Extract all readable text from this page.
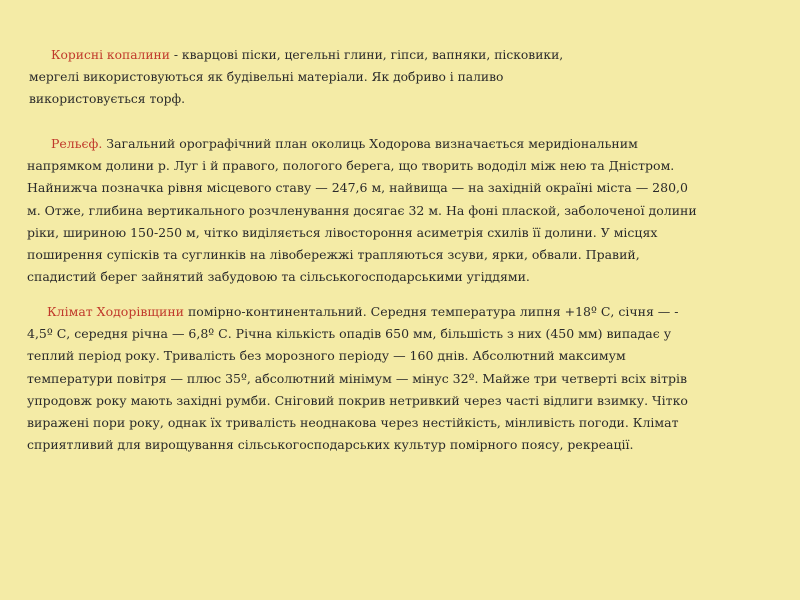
Корисні копалини - кварцові піски, цегельні глини, гіпси, вапняки, пісковики,
мергелі використовуються як будівельні матеріали. Як добриво і паливо
використовується торф.
Рельєф. Загальний орографічний план околиць Ходорова визначається меридіональним
напрямком долини р. Луг і й правого, пологого берега, що творить вододіл між нею та Дністром.
Найнижча позначка рівня місцевого ставу — 247,6 м, найвища — на західній окраїні міста — 280,0
м. Отже, глибина вертикального розчленування досягає 32 м. На фоні плаской, заболоченої долини
ріки, шириною 150-250 м, чітко виділяється лівостороння асиметрія схилів її долини. У місцях
поширення супісків та суглинків на лівобережжі трапляються зсуви, ярки, обвали. Правий,
спадистий берег зайнятий забудовою та сільськогосподарськими угіддями.
Клімат Ходорівщини помірно-континентальний. Середня температура липня +18º С, січня — -
4,5º С, середня річна — 6,8º С. Річна кількість опадів 650 мм, більшість з них (450 мм) випадає у
теплий період року. Тривалість без морозного періоду — 160 днів. Абсолютний максимум
температури повітря — плюс 35º, абсолютний мінімум — мінус 32º. Майже три четверті всіх вітрів
упродовж року мають західні румби. Сніговий покрив нетривкий через часті відлиги взимку. Чітко
виражені пори року, однак їх тривалість неоднакова через нестійкість, мінливість погоди. Клімат
сприятливий для вирощування сільськогосподарських культур помірного поясу, рекреації.
